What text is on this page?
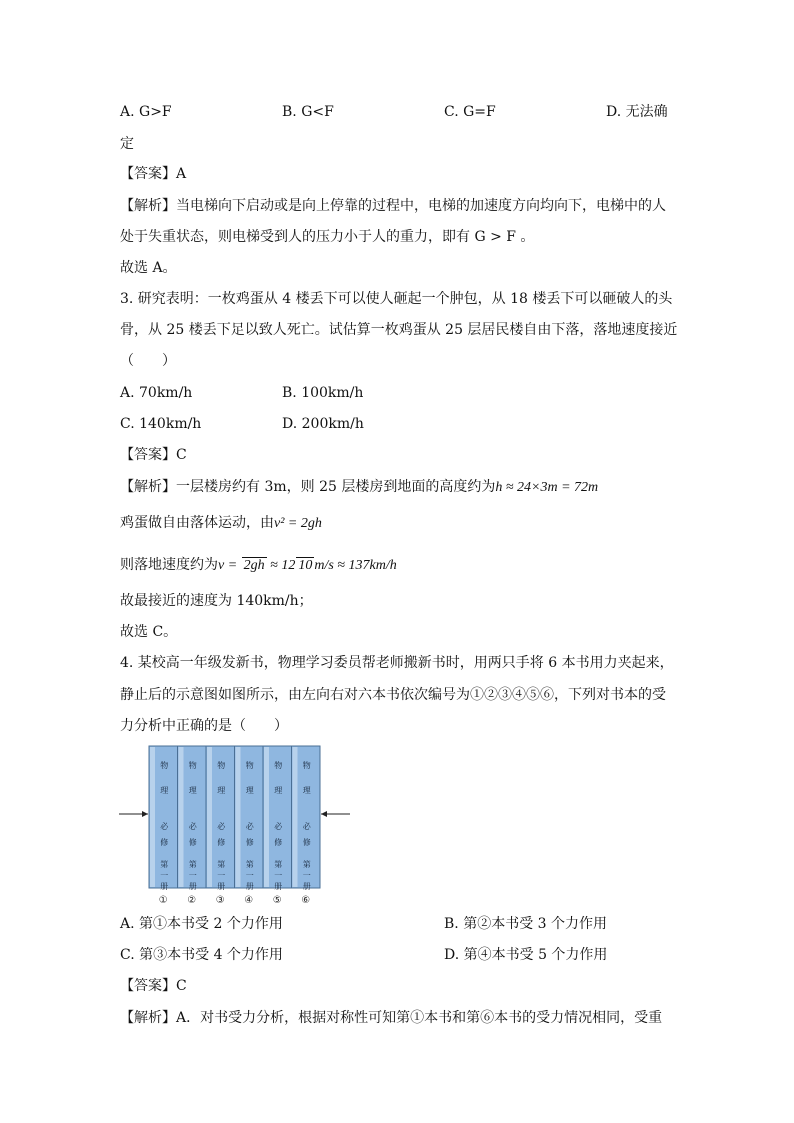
A. G>F	B. G<F	C. G=F	D. 无法确
定
【答案】A
【解析】当电梯向下启动或是向上停靠的过程中，电梯的加速度方向均向下，电梯中的人
处于失重状态，则电梯受到人的压力小于人的重力，即有 G > F 。
故选 A。
3. 研究表明：一枚鸡蛋从 4 楼丢下可以使人砸起一个肿包，从 18 楼丢下可以砸破人的头
骨，从 25 楼丢下足以致人死亡。试估算一枚鸡蛋从 25 层居民楼自由下落，落地速度接近
（　　）
A. 70km/h	B. 100km/h
C. 140km/h	D. 200km/h
【答案】C
【解析】一层楼房约有 3m，则 25 层楼房到地面的高度约为h ≈ 24×3m = 72m
鸡蛋做自由落体运动，由v² = 2gh
则落地速度约为v = 2gh ≈ 12 10 m/s ≈ 137km/h
故最接近的速度为 140km/h；
故选 C。
4. 某校高一年级发新书，物理学习委员帮老师搬新书时，用两只手将 6 本书用力夹起来，
静止后的示意图如图所示，由左向右对六本书依次编号为①②③④⑤⑥，下列对书本的受
力分析中正确的是（　　）
物
理
必
修
第
一
册
①
物
理
必
修
第
一
册
②
物
理
必
修
第
一
册
③
物
理
必
修
第
一
册
④
物
理
必
修
第
一
册
⑤
物
理
必
修
第
一
册
⑥
A. 第①本书受 2 个力作用	B. 第②本书受 3 个力作用
C. 第③本书受 4 个力作用	D. 第④本书受 5 个力作用
【答案】C
【解析】A．对书受力分析，根据对称性可知第①本书和第⑥本书的受力情况相同，受重
